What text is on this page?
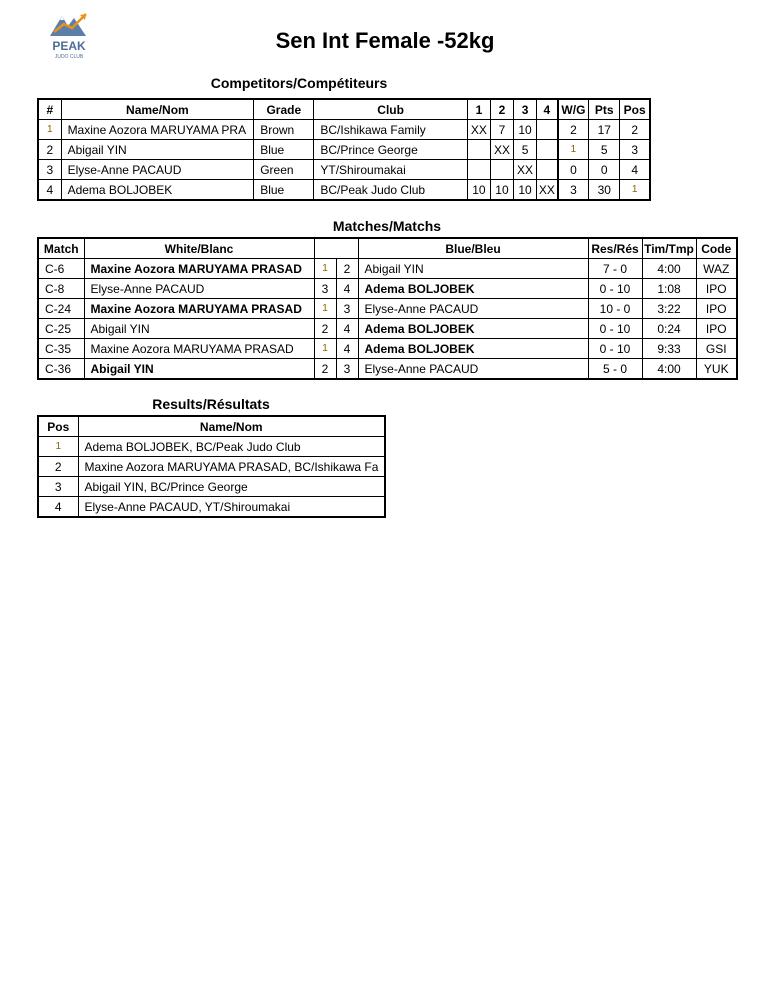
PEAK
JUDO CLUB
Sen Int Female -52kg
Competitors/Compétiteurs
#	Name/Nom	Grade	Club	1	2	3	4	W/G	Pts	Pos
1	Maxine Aozora MARUYAMA PRA	Brown	BC/Ishikawa Family	XX	7	10		2	17	2
2	Abigail YIN	Blue	BC/Prince George		XX	5		1	5	3
3	Elyse-Anne PACAUD	Green	YT/Shiroumakai			XX		0	0	4
4	Adema BOLJOBEK	Blue	BC/Peak Judo Club	10	10	10	XX	3	30	1
Matches/Matchs
Match	White/Blanc			Blue/Bleu	Res/Rés	Tim/Tmp	Code
C-6	Maxine Aozora MARUYAMA PRASAD	1	2	Abigail YIN	7 - 0	4:00	WAZ
C-8	Elyse-Anne PACAUD	3	4	Adema BOLJOBEK	0 - 10	1:08	IPO
C-24	Maxine Aozora MARUYAMA PRASAD	1	3	Elyse-Anne PACAUD	10 - 0	3:22	IPO
C-25	Abigail YIN	2	4	Adema BOLJOBEK	0 - 10	0:24	IPO
C-35	Maxine Aozora MARUYAMA PRASAD	1	4	Adema BOLJOBEK	0 - 10	9:33	GSI
C-36	Abigail YIN	2	3	Elyse-Anne PACAUD	5 - 0	4:00	YUK
Results/Résultats
Pos	Name/Nom
1	Adema BOLJOBEK, BC/Peak Judo Club
2	Maxine Aozora MARUYAMA PRASAD, BC/Ishikawa Fa
3	Abigail YIN, BC/Prince George
4	Elyse-Anne PACAUD, YT/Shiroumakai
